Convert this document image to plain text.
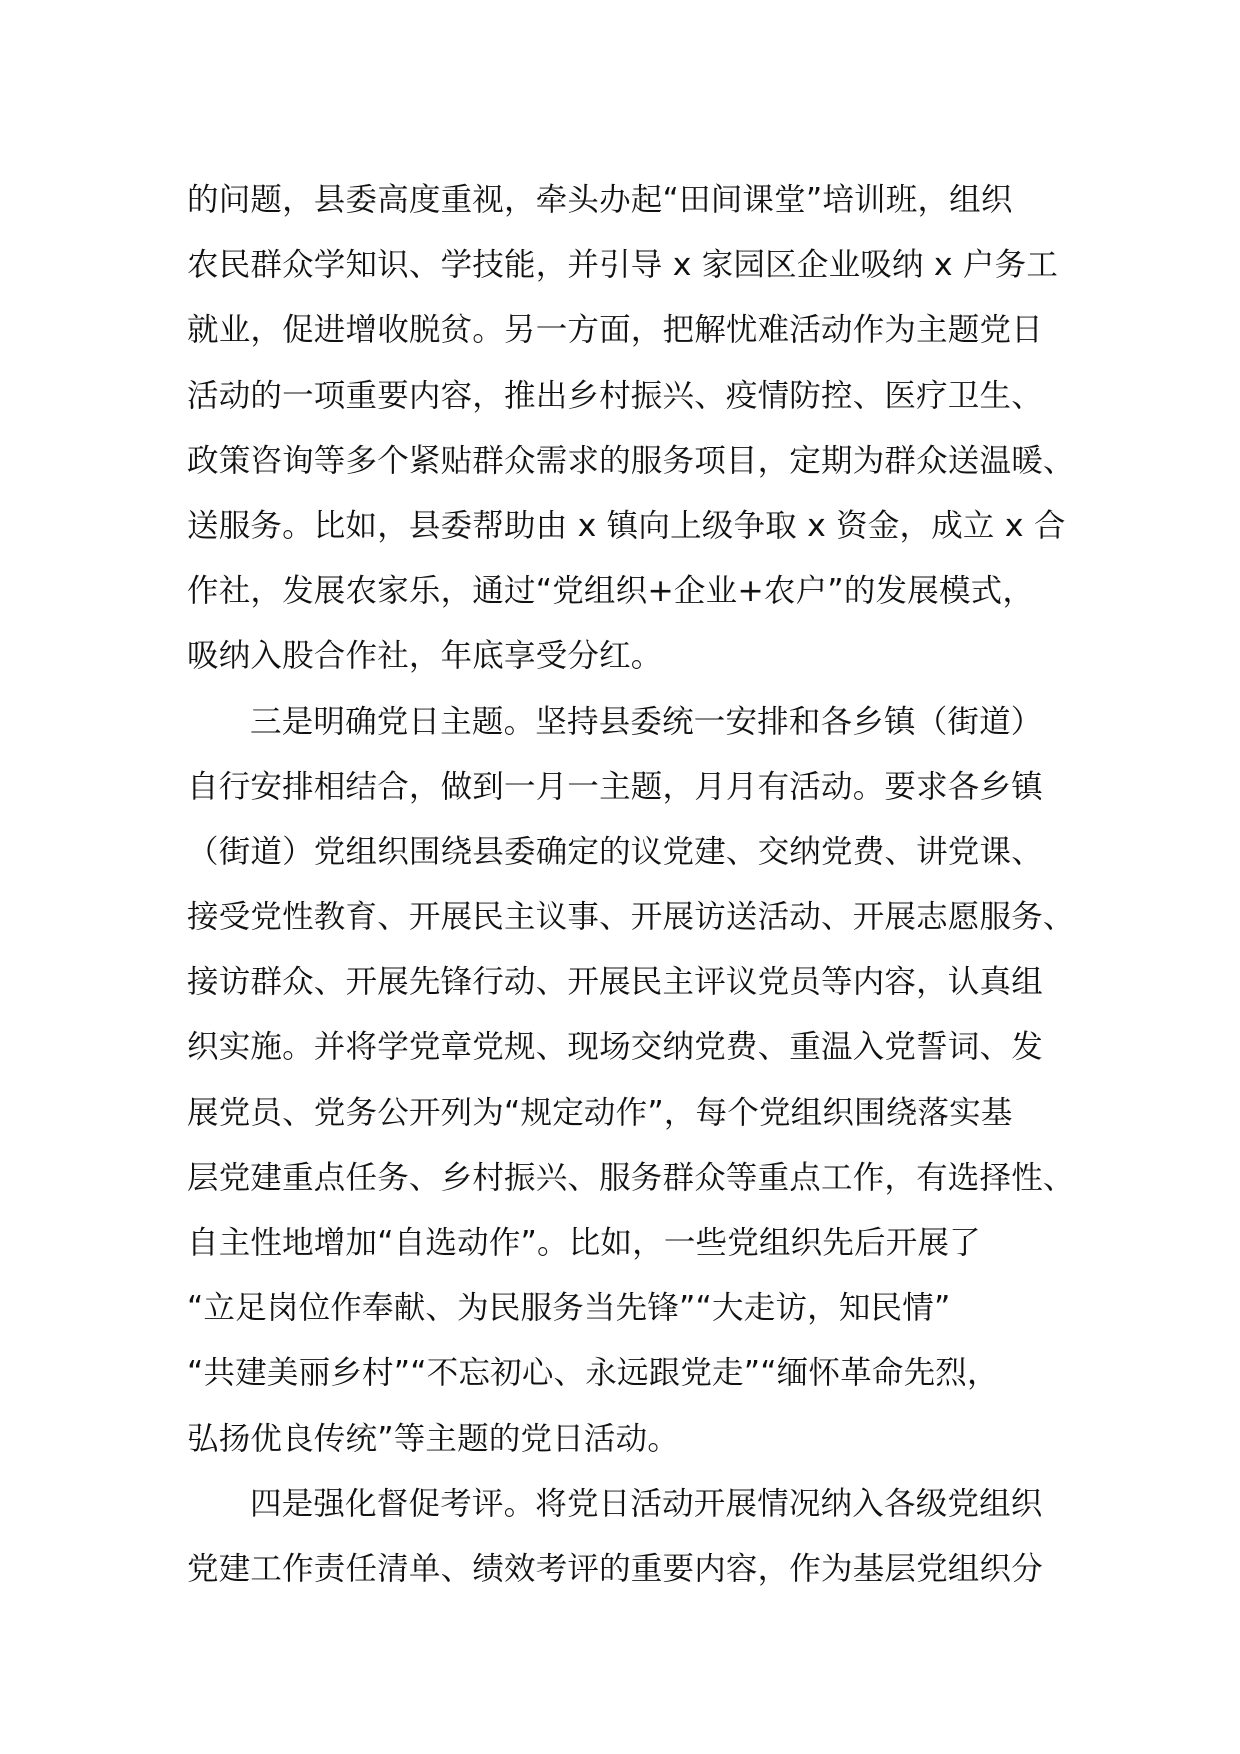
的问题，县委高度重视，牵头办起“田间课堂”培训班，组织
农民群众学知识、学技能，并引导 x 家园区企业吸纳 x 户务工
就业，促进增收脱贫。另一方面，把解忧难活动作为主题党日
活动的一项重要内容，推出乡村振兴、疫情防控、医疗卫生、
政策咨询等多个紧贴群众需求的服务项目，定期为群众送温暖、
送服务。比如，县委帮助由 x 镇向上级争取 x 资金，成立 x 合
作社，发展农家乐，通过“党组织+企业+农户”的发展模式，
吸纳入股合作社，年底享受分红。
三是明确党日主题。坚持县委统一安排和各乡镇（街道）
自行安排相结合，做到一月一主题，月月有活动。要求各乡镇
（街道）党组织围绕县委确定的议党建、交纳党费、讲党课、
接受党性教育、开展民主议事、开展访送活动、开展志愿服务、
接访群众、开展先锋行动、开展民主评议党员等内容，认真组
织实施。并将学党章党规、现场交纳党费、重温入党誓词、发
展党员、党务公开列为“规定动作”，每个党组织围绕落实基
层党建重点任务、乡村振兴、服务群众等重点工作，有选择性、
自主性地增加“自选动作”。比如，一些党组织先后开展了
“立足岗位作奉献、为民服务当先锋”“大走访，知民情”
“共建美丽乡村”“不忘初心、永远跟党走”“缅怀革命先烈，
弘扬优良传统”等主题的党日活动。
四是强化督促考评。将党日活动开展情况纳入各级党组织
党建工作责任清单、绩效考评的重要内容，作为基层党组织分
